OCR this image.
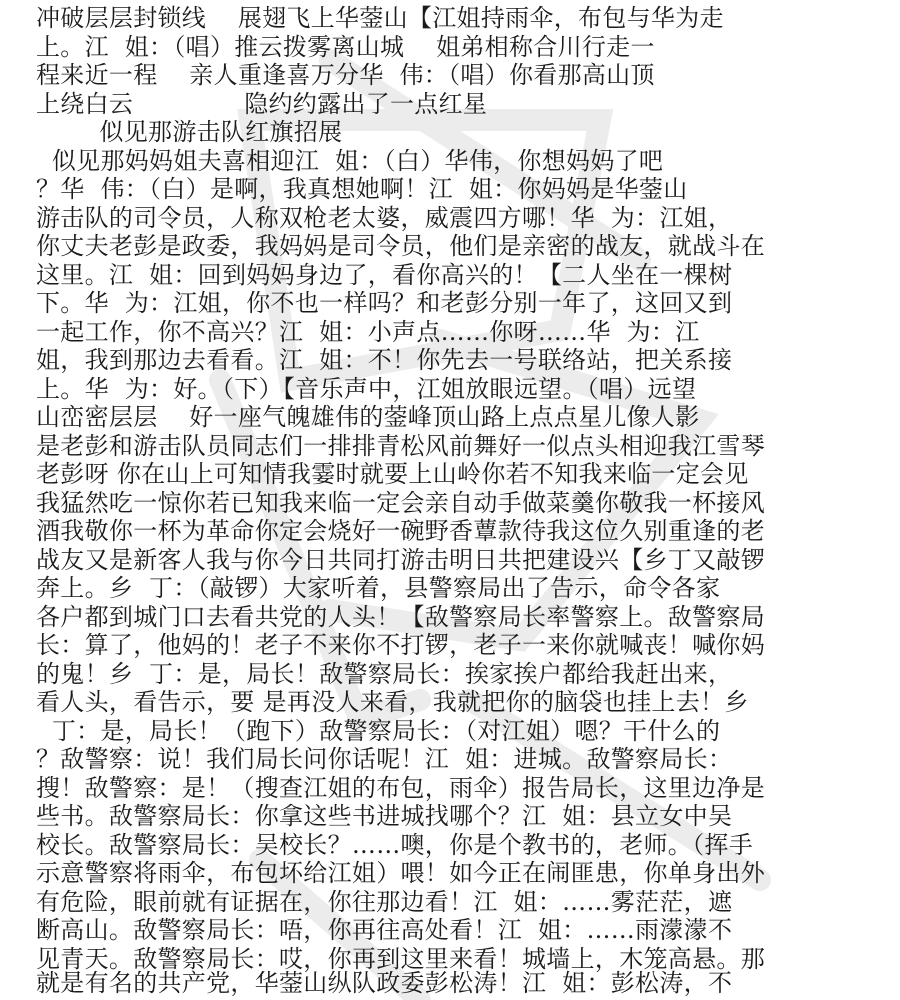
冲破层层封锁线    展翅飞上华蓥山【江姐持雨伞，布包与华为走
上。江  姐：（唱）推云拨雾离山城    姐弟相称合川行走一
程来近一程    亲人重逢喜万分华  伟：（唱）你看那高山顶
上绕白云              隐约约露出了一点红星
似见那游击队红旗招展
似见那妈妈姐夫喜相迎江  姐：（白）华伟，你想妈妈了吧
？华  伟：（白）是啊，我真想她啊！江  姐：你妈妈是华蓥山
游击队的司令员，人称双枪老太婆，威震四方哪！华  为：江姐，
你丈夫老彭是政委，我妈妈是司令员，他们是亲密的战友，就战斗在
这里。江  姐：回到妈妈身边了，看你高兴的！【二人坐在一棵树
下。华  为：江姐，你不也一样吗？和老彭分别一年了，这回又到
一起工作，你不高兴？江  姐：小声点……你呀……华  为：江
姐，我到那边去看看。江  姐：不！你先去一号联络站，把关系接
上。华  为：好。（下）【音乐声中，江姐放眼远望。（唱）远望
山峦密层层    好一座气魄雄伟的蓥峰顶山路上点点星儿像人影
是老彭和游击队员同志们一排排青松风前舞好一似点头相迎我江雪琴
老彭呀 你在山上可知情我霎时就要上山岭你若不知我来临一定会见
我猛然吃一惊你若已知我来临一定会亲自动手做菜羹你敬我一杯接风
酒我敬你一杯为革命你定会烧好一碗野香蕈款待我这位久别重逢的老
战友又是新客人我与你今日共同打游击明日共把建设兴【乡丁又敲锣
奔上。乡  丁：（敲锣）大家听着，县警察局出了告示，命令各家
各户都到城门口去看共党的人头！【敌警察局长率警察上。敌警察局
长：算了，他妈的！老子不来你不打锣，老子一来你就喊丧！喊你妈
的鬼！乡  丁：是，局长！敌警察局长：挨家挨户都给我赶出来，
看人头，看告示，要 是再没人来看，我就把你的脑袋也挂上去！乡
丁：是，局长！（跑下）敌警察局长：（对江姐）嗯？干什么的
？敌警察：说！我们局长问你话呢！江  姐：进城。敌警察局长：
搜！敌警察：是！（搜查江姐的布包，雨伞）报告局长，这里边净是
些书。敌警察局长：你拿这些书进城找哪个？江  姐：县立女中吴
校长。敌警察局长：吴校长？……噢，你是个教书的，老师。（挥手
示意警察将雨伞，布包坏给江姐）喂！如今正在闹匪患，你单身出外
有危险，眼前就有证据在，你往那边看！江  姐：……雾茫茫，遮
断高山。敌警察局长：唔，你再往高处看！江  姐：……雨濛濛不
见青天。敌警察局长：哎，你再到这里来看！城墙上，木笼高悬。那
就是有名的共产党，华蓥山纵队政委彭松涛！江  姐：彭松涛，不
